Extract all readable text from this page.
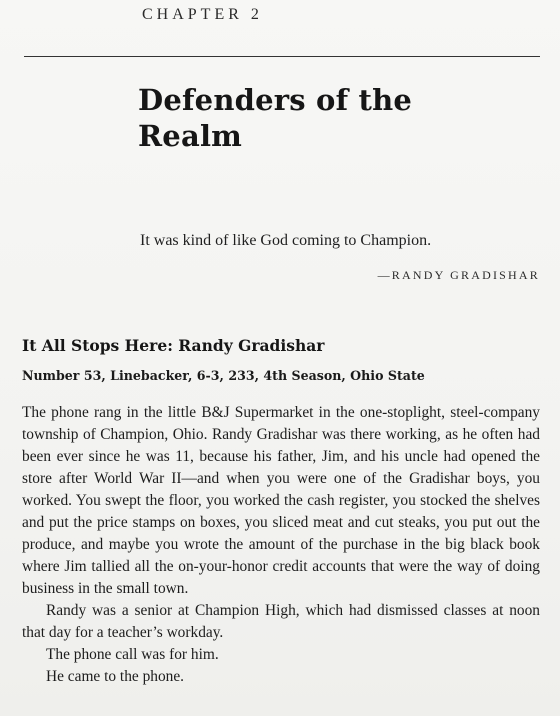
CHAPTER 2
Defenders of the Realm
It was kind of like God coming to Champion.
—RANDY GRADISHAR
It All Stops Here: Randy Gradishar
Number 53, Linebacker, 6-3, 233, 4th Season, Ohio State

The phone rang in the little B&J Supermarket in the one-stoplight, steel-company township of Champion, Ohio. Randy Gradishar was there working, as he often had been ever since he was 11, because his father, Jim, and his uncle had opened the store after World War II—and when you were one of the Gradishar boys, you worked. You swept the floor, you worked the cash register, you stocked the shelves and put the price stamps on boxes, you sliced meat and cut steaks, you put out the produce, and maybe you wrote the amount of the purchase in the big black book where Jim tallied all the on-your-honor credit accounts that were the way of doing business in the small town.

Randy was a senior at Champion High, which had dismissed classes at noon that day for a teacher’s workday.

The phone call was for him.

He came to the phone.
